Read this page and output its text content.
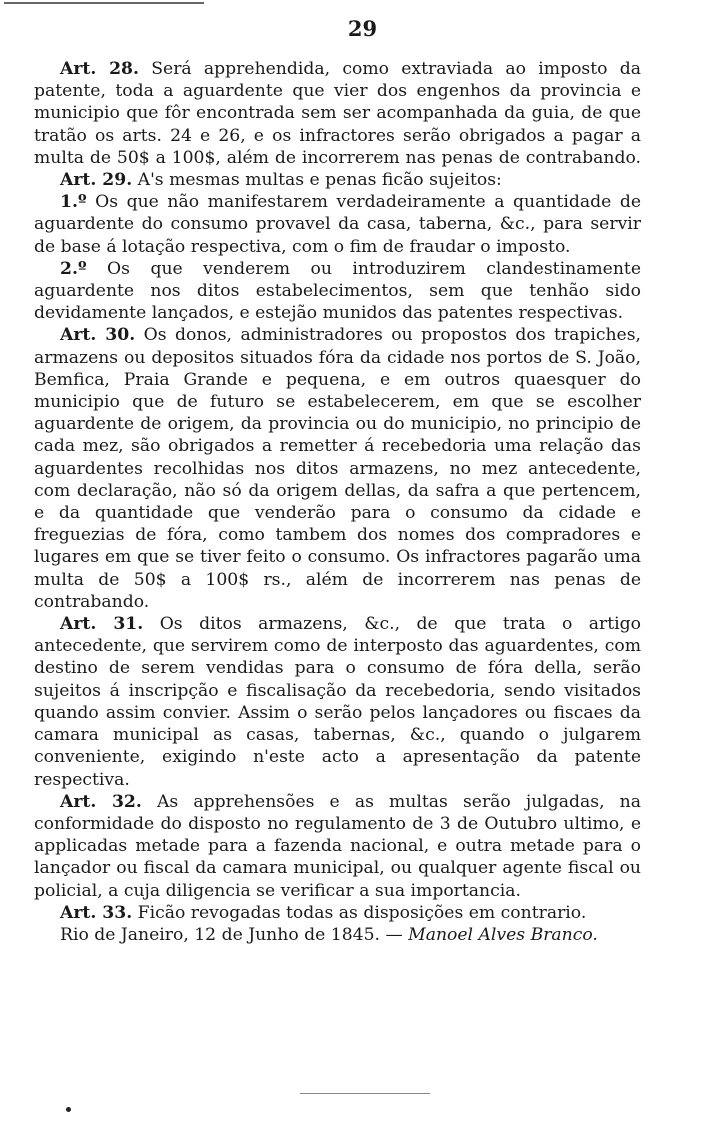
29

Art. 28. Será apprehendida, como extraviada ao imposto da patente, toda a aguardente que vier dos engenhos da provincia e municipio que fôr encontrada sem ser acompanhada da guia, de que tratão os arts. 24 e 26, e os infractores serão obrigados a pagar a multa de 50$ a 100$, além de incorrerem nas penas de contrabando.

Art. 29. A's mesmas multas e penas ficão sujeitos:

1.º Os que não manifestarem verdadeiramente a quantidade de aguardente do consumo provavel da casa, taberna, &c., para servir de base á lotação respectiva, com o fim de fraudar o imposto.

2.º Os que venderem ou introduzirem clandestinamente aguardente nos ditos estabelecimentos, sem que tenhão sido devidamente lançados, e estejão munidos das patentes respectivas.

Art. 30. Os donos, administradores ou propostos dos trapiches, armazens ou depositos situados fóra da cidade nos portos de S. João, Bemfica, Praia Grande e pequena, e em outros quaesquer do municipio que de futuro se estabelecerem, em que se escolher aguardente de origem, da provincia ou do municipio, no principio de cada mez, são obrigados a remetter á recebedoria uma relação das aguardentes recolhidas nos ditos armazens, no mez antecedente, com declaração, não só da origem dellas, da safra a que pertencem, e da quantidade que venderão para o consumo da cidade e freguezias de fóra, como tambem dos nomes dos compradores e lugares em que se tiver feito o consumo. Os infractores pagarão uma multa de 50$ a 100$ rs., além de incorrerem nas penas de contrabando.

Art. 31. Os ditos armazens, &c., de que trata o artigo antecedente, que servirem como de interposto das aguardentes, com destino de serem vendidas para o consumo de fóra della, serão sujeitos á inscripção e fiscalisação da recebedoria, sendo visitados quando assim convier. Assim o serão pelos lançadores ou fiscaes da camara municipal as casas, tabernas, &c., quando o julgarem conveniente, exigindo n'este acto a apresentação da patente respectiva.

Art. 32. As apprehensões e as multas serão julgadas, na conformidade do disposto no regulamento de 3 de Outubro ultimo, e applicadas metade para a fazenda nacional, e outra metade para o lançador ou fiscal da camara municipal, ou qualquer agente fiscal ou policial, a cuja diligencia se verificar a sua importancia.

Art. 33. Ficão revogadas todas as disposições em contrario.

Rio de Janeiro, 12 de Junho de 1845. — Manoel Alves Branco.
